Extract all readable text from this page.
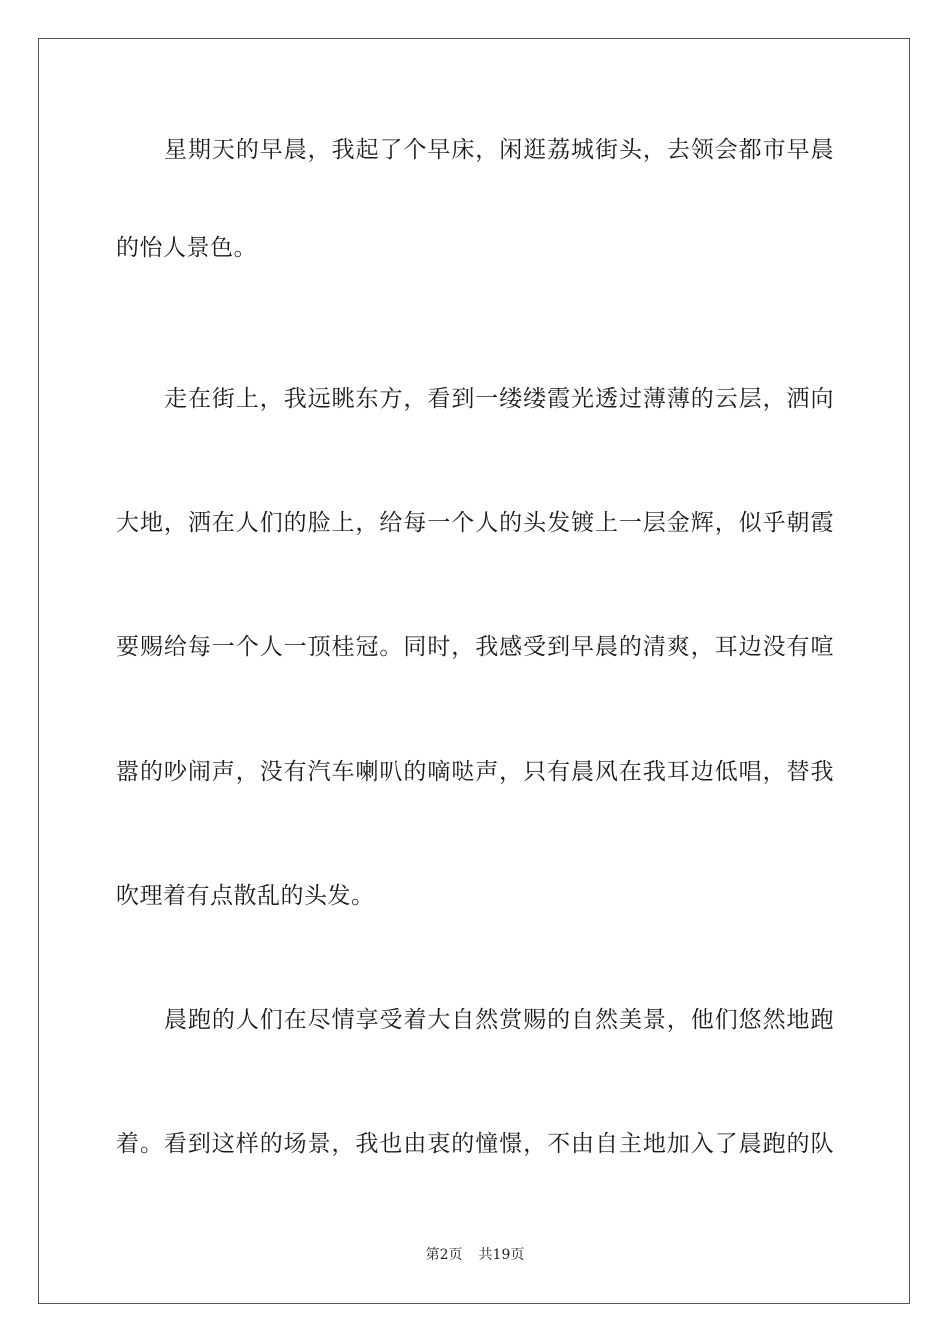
星期天的早晨，我起了个早床，闲逛荔城街头，去领会都市早晨
的怡人景色。
走在街上，我远眺东方，看到一缕缕霞光透过薄薄的云层，洒向
大地，洒在人们的脸上，给每一个人的头发镀上一层金辉，似乎朝霞
要赐给每一个人一顶桂冠。同时，我感受到早晨的清爽，耳边没有喧
嚣的吵闹声，没有汽车喇叭的嘀哒声，只有晨风在我耳边低唱，替我
吹理着有点散乱的头发。
晨跑的人们在尽情享受着大自然赏赐的自然美景，他们悠然地跑
着。看到这样的场景，我也由衷的憧憬，不由自主地加入了晨跑的队
第2页 共19页
